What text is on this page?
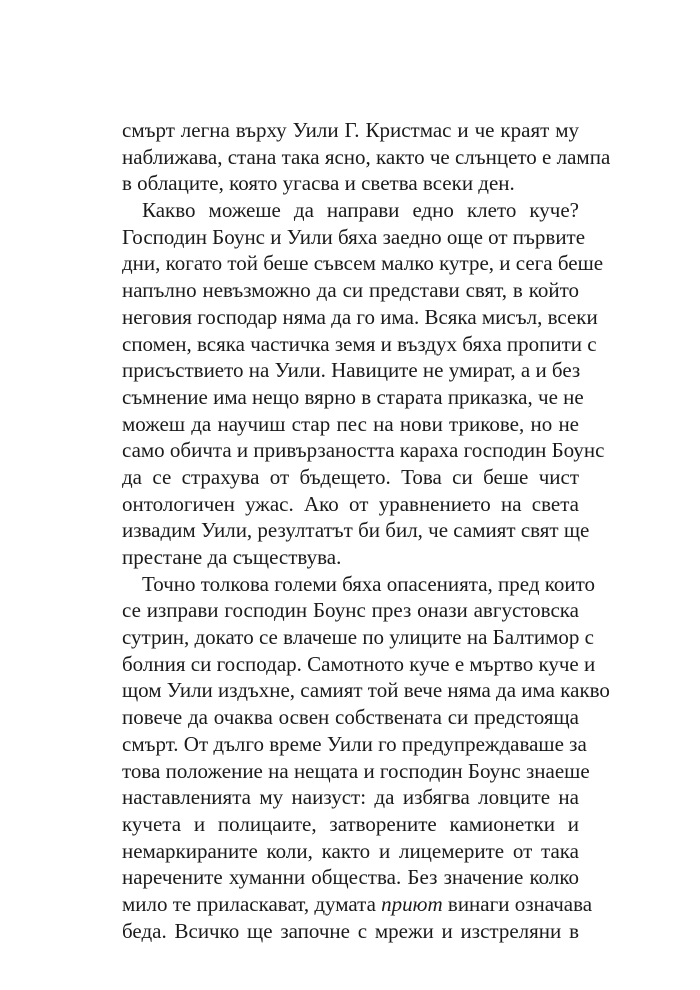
смърт легна върху Уили Г. Кристмас и че краят му
наближава, стана така ясно, както че слънцето е лампа
в облаците, която угасва и светва всеки ден.

Какво можеше да направи едно клето куче?
Господин Боунс и Уили бяха заедно още от първите
дни, когато той беше съвсем малко кутре, и сега беше
напълно невъзможно да си представи свят, в който
неговия господар няма да го има. Всяка мисъл, всеки
спомен, всяка частичка земя и въздух бяха пропити с
присъствието на Уили. Навиците не умират, а и без
съмнение има нещо вярно в старата приказка, че не
можеш да научиш стар пес на нови трикове, но не
само обичта и привързаността караха господин Боунс
да се страхува от бъдещето. Това си беше чист
онтологичен ужас. Ако от уравнението на света
извадим Уили, резултатът би бил, че самият свят ще
престане да съществува.

Точно толкова големи бяха опасенията, пред които
се изправи господин Боунс през онази августовска
сутрин, докато се влачеше по улиците на Балтимор с
болния си господар. Самотното куче е мъртво куче и
щом Уили издъхне, самият той вече няма да има какво
повече да очаква освен собствената си предстояща
смърт. От дълго време Уили го предупреждаваше за
това положение на нещата и господин Боунс знаеше
наставленията му наизуст: да избягва ловците на
кучета и полицаите, затворените камионетки и
немаркираните коли, както и лицемерите от така
наречените хуманни общества. Без значение колко
мило те приласкават, думата приют винаги означава
беда. Всичко ще започне с мрежи и изстреляни в
